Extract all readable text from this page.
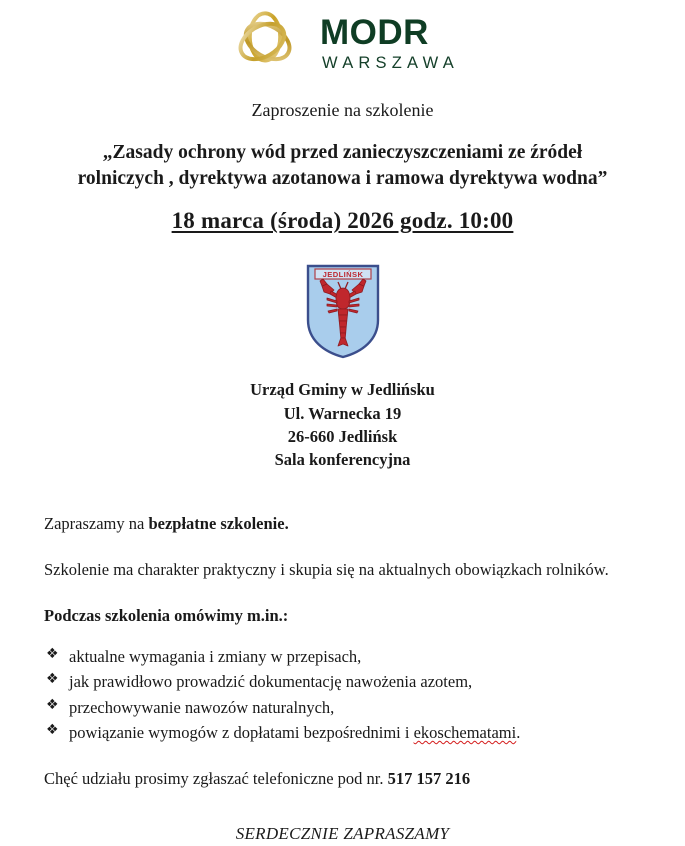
MODR
WARSZAWA
Zaproszenie na szkolenie
„Zasady ochrony wód przed zanieczyszczeniami ze źródeł
rolniczych , dyrektywa azotanowa i ramowa dyrektywa wodna”
18 marca (środa) 2026 godz. 10:00
JEDLIŃSK
Urząd Gminy w Jedlińsku
Ul. Warnecka 19
26-660 Jedlińsk
Sala konferencyjna

Zapraszamy na bezpłatne szkolenie.

Szkolenie ma charakter praktyczny i skupia się na aktualnych obowiązkach rolników.

Podczas szkolenia omówimy m.in.:

❖ aktualne wymagania i zmiany w przepisach,
❖ jak prawidłowo prowadzić dokumentację nawożenia azotem,
❖ przechowywanie nawozów naturalnych,
❖ powiązanie wymogów z dopłatami bezpośrednimi i ekoschematami.

Chęć udziału prosimy zgłaszać telefoniczne pod nr. 517 157 216

SERDECZNIE ZAPRASZAMY
